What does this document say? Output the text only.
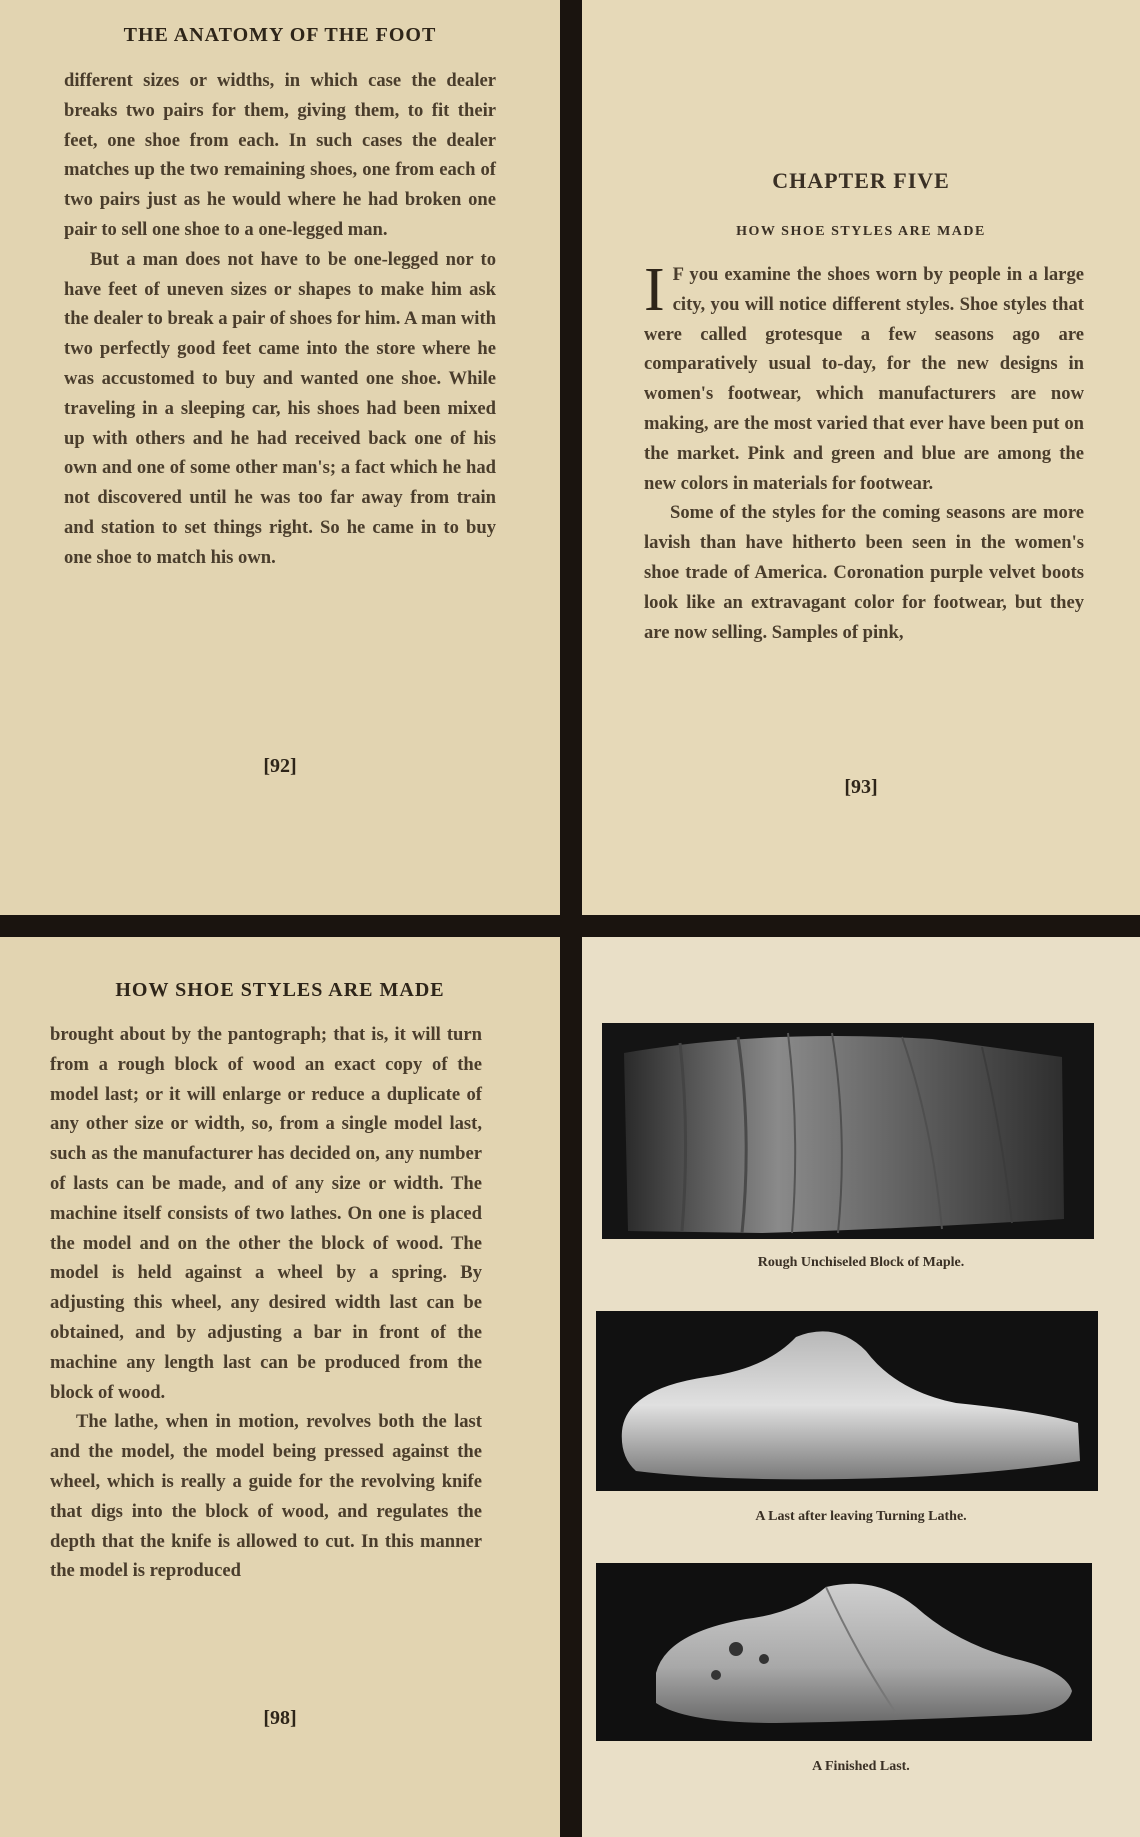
THE ANATOMY OF THE FOOT

different sizes or widths, in which case the dealer breaks two pairs for them, giving them, to fit their feet, one shoe from each. In such cases the dealer matches up the two remaining shoes, one from each of two pairs just as he would where he had broken one pair to sell one shoe to a one-legged man.

But a man does not have to be one-legged nor to have feet of uneven sizes or shapes to make him ask the dealer to break a pair of shoes for him. A man with two perfectly good feet came into the store where he was accustomed to buy and wanted one shoe. While traveling in a sleeping car, his shoes had been mixed up with others and he had received back one of his own and one of some other man's; a fact which he had not discovered until he was too far away from train and station to set things right. So he came in to buy one shoe to match his own.

[92]
CHAPTER FIVE
HOW SHOE STYLES ARE MADE

I F you examine the shoes worn by people in a large city, you will notice different styles. Shoe styles that were called grotesque a few seasons ago are comparatively usual to-day, for the new designs in women's footwear, which manufacturers are now making, are the most varied that ever have been put on the market. Pink and green and blue are among the new colors in materials for footwear.

Some of the styles for the coming seasons are more lavish than have hitherto been seen in the women's shoe trade of America. Coronation purple velvet boots look like an extravagant color for footwear, but they are now selling. Samples of pink,

[93]
HOW SHOE STYLES ARE MADE

brought about by the pantograph; that is, it will turn from a rough block of wood an exact copy of the model last; or it will enlarge or reduce a duplicate of any other size or width, so, from a single model last, such as the manufacturer has decided on, any number of lasts can be made, and of any size or width. The machine itself consists of two lathes. On one is placed the model and on the other the block of wood. The model is held against a wheel by a spring. By adjusting this wheel, any desired width last can be obtained, and by adjusting a bar in front of the machine any length last can be produced from the block of wood.

The lathe, when in motion, revolves both the last and the model, the model being pressed against the wheel, which is really a guide for the revolving knife that digs into the block of wood, and regulates the depth that the knife is allowed to cut. In this manner the model is reproduced

[98]
Rough Unchiseled Block of Maple.
A Last after leaving Turning Lathe.
A Finished Last.
